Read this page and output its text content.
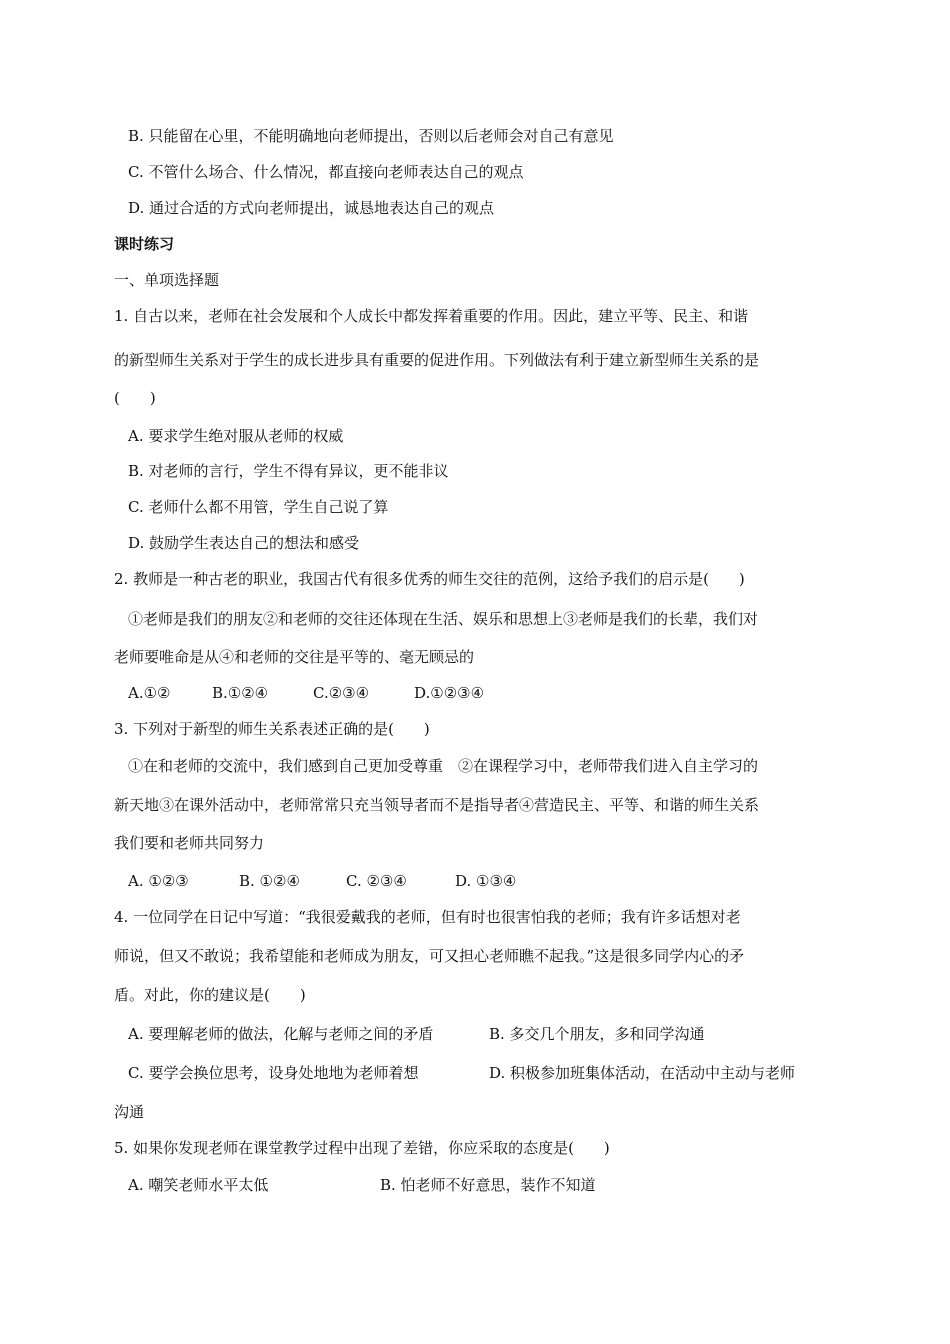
B. 只能留在心里，不能明确地向老师提出，否则以后老师会对自己有意见
C. 不管什么场合、什么情况，都直接向老师表达自己的观点
D. 通过合适的方式向老师提出，诚恳地表达自己的观点
课时练习
一、单项选择题
1. 自古以来，老师在社会发展和个人成长中都发挥着重要的作用。因此，建立平等、民主、和谐
的新型师生关系对于学生的成长进步具有重要的促进作用。下列做法有利于建立新型师生关系的是
(　　)
A. 要求学生绝对服从老师的权威
B. 对老师的言行，学生不得有异议，更不能非议
C. 老师什么都不用管，学生自己说了算
D. 鼓励学生表达自己的想法和感受
2. 教师是一种古老的职业，我国古代有很多优秀的师生交往的范例，这给予我们的启示是(　　)
①老师是我们的朋友②和老师的交往还体现在生活、娱乐和思想上③老师是我们的长辈，我们对
老师要唯命是从④和老师的交往是平等的、毫无顾忌的
A.①②	B.①②④	C.②③④	D.①②③④
3. 下列对于新型的师生关系表述正确的是(　　)
①在和老师的交流中，我们感到自己更加受尊重　②在课程学习中，老师带我们进入自主学习的
新天地③在课外活动中，老师常常只充当领导者而不是指导者④营造民主、平等、和谐的师生关系
我们要和老师共同努力
A. ①②③	B. ①②④	C. ②③④	D. ①③④
4. 一位同学在日记中写道：“我很爱戴我的老师，但有时也很害怕我的老师；我有许多话想对老
师说，但又不敢说；我希望能和老师成为朋友，可又担心老师瞧不起我。”这是很多同学内心的矛
盾。对此，你的建议是(　　)
A. 要理解老师的做法，化解与老师之间的矛盾	B. 多交几个朋友，多和同学沟通
C. 要学会换位思考，设身处地地为老师着想	D. 积极参加班集体活动，在活动中主动与老师
沟通
5. 如果你发现老师在课堂教学过程中出现了差错，你应采取的态度是(　　)
A. 嘲笑老师水平太低	B. 怕老师不好意思，装作不知道
